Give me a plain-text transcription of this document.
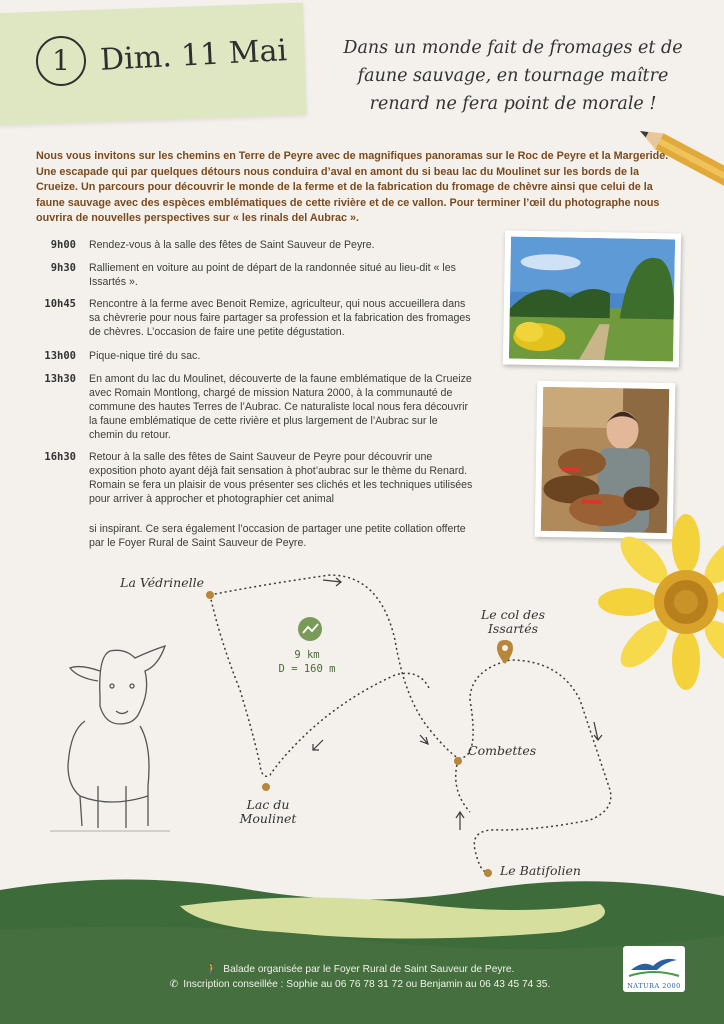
1 Dim. 11 Mai	Dans un monde fait de fromages et de faune sauvage, en tournage maître renard ne fera point de morale !

Nous vous invitons sur les chemins en Terre de Peyre avec de magnifiques panoramas sur le Roc de Peyre et la Margeride. Une escapade qui par quelques détours nous conduira d’aval en amont du si beau lac du Moulinet sur les bords de la Crueize. Un parcours pour découvrir le monde de la ferme et de la fabrication du fromage de chèvre ainsi que celui de la faune sauvage avec des espèces emblématiques de cette rivière et de ce vallon. Pour terminer l’œil du photographe nous ouvrira de nouvelles perspectives sur « les rinals del Aubrac ».

9h00 Rendez-vous à la salle des fêtes de Saint Sauveur de Peyre.
9h30 Ralliement en voiture au point de départ de la randonnée situé au lieu-dit « les Issartés ».
10h45 Rencontre à la ferme avec Benoit Remize, agriculteur, qui nous accueillera dans sa chèvrerie pour nous faire partager sa profession et la fabrication des fromages de chèvres. L’occasion de faire une petite dégustation.
13h00 Pique-nique tiré du sac.
13h30 En amont du lac du Moulinet, découverte de la faune emblématique de la Crueize avec Romain Montlong, chargé de mission Natura 2000, à la communauté de commune des hautes Terres de l’Aubrac. Ce naturaliste local nous fera découvrir la faune emblématique de cette rivière et plus largement de l’Aubrac sur le chemin du retour.
16h30 Retour à la salle des fêtes de Saint Sauveur de Peyre pour découvrir une exposition photo ayant déjà fait sensation à phot’aubrac sur le thème du Renard. Romain se fera un plaisir de vous présenter ses clichés et les techniques utilisées pour arriver à approcher et photographier cet animal
si inspirant. Ce sera également l’occasion de partager une petite collation offerte par le Foyer Rural de Saint Sauveur de Peyre.
9 km
D = 160 m
La Védrinelle
Lac du Moulinet
Le col des Issartés
Combettes
Le Batifolien
🚶 Balade organisée par le Foyer Rural de Saint Sauveur de Peyre.
✆ Inscription conseillée : Sophie au 06 76 78 31 72 ou Benjamin au 06 43 45 74 35.	NATURA 2000
